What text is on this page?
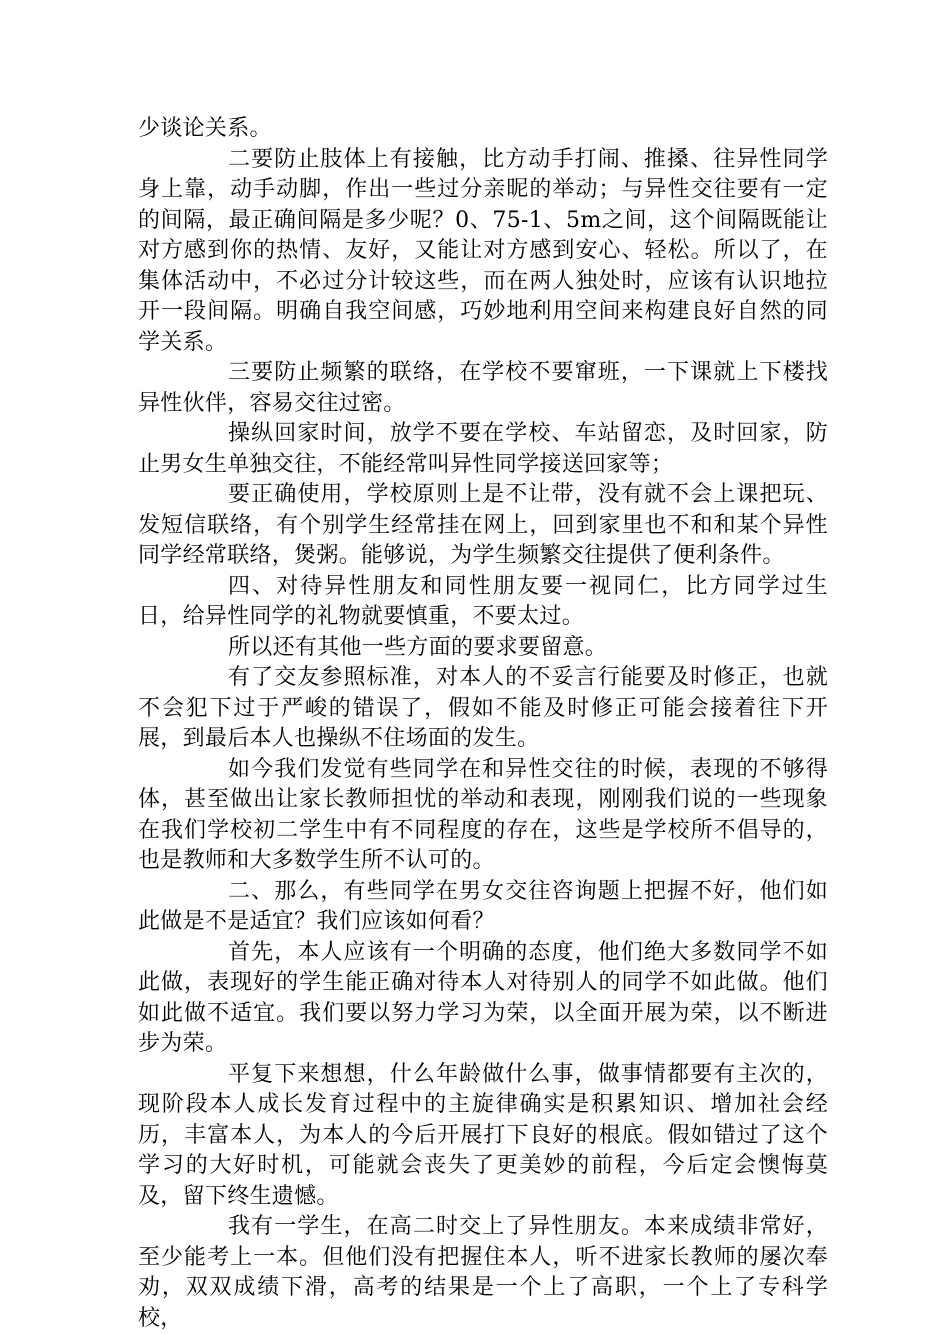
少谈论关系。

二要防止肢体上有接触，比方动手打闹、推搡、往异性同学身上靠，动手动脚，作出一些过分亲昵的举动；与异性交往要有一定的间隔，最正确间隔是多少呢？0、75-1、5m之间，这个间隔既能让对方感到你的热情、友好，又能让对方感到安心、轻松。所以了，在集体活动中，不必过分计较这些，而在两人独处时，应该有认识地拉开一段间隔。明确自我空间感，巧妙地利用空间来构建良好自然的同学关系。

三要防止频繁的联络，在学校不要窜班，一下课就上下楼找异性伙伴，容易交往过密。

操纵回家时间，放学不要在学校、车站留恋，及时回家，防止男女生单独交往，不能经常叫异性同学接送回家等；

要正确使用，学校原则上是不让带，没有就不会上课把玩、发短信联络，有个别学生经常挂在网上，回到家里也不和和某个异性同学经常联络，煲粥。能够说，为学生频繁交往提供了便利条件。

四、对待异性朋友和同性朋友要一视同仁，比方同学过生日，给异性同学的礼物就要慎重，不要太过。

所以还有其他一些方面的要求要留意。

有了交友参照标准，对本人的不妥言行能要及时修正，也就不会犯下过于严峻的错误了，假如不能及时修正可能会接着往下开展，到最后本人也操纵不住场面的发生。

如今我们发觉有些同学在和异性交往的时候，表现的不够得体，甚至做出让家长教师担忧的举动和表现，刚刚我们说的一些现象在我们学校初二学生中有不同程度的存在，这些是学校所不倡导的，也是教师和大多数学生所不认可的。

二、那么，有些同学在男女交往咨询题上把握不好，他们如此做是不是适宜？我们应该如何看？

首先，本人应该有一个明确的态度，他们绝大多数同学不如此做，表现好的学生能正确对待本人对待别人的同学不如此做。他们如此做不适宜。我们要以努力学习为荣，以全面开展为荣，以不断进步为荣。

平复下来想想，什么年龄做什么事，做事情都要有主次的，现阶段本人成长发育过程中的主旋律确实是积累知识、增加社会经历，丰富本人，为本人的今后开展打下良好的根底。假如错过了这个学习的大好时机，可能就会丧失了更美妙的前程，今后定会懊悔莫及，留下终生遗憾。

我有一学生，在高二时交上了异性朋友。本来成绩非常好，至少能考上一本。但他们没有把握住本人，听不进家长教师的屡次奉劝，双双成绩下滑，高考的结果是一个上了高职，一个上了专科学校，
